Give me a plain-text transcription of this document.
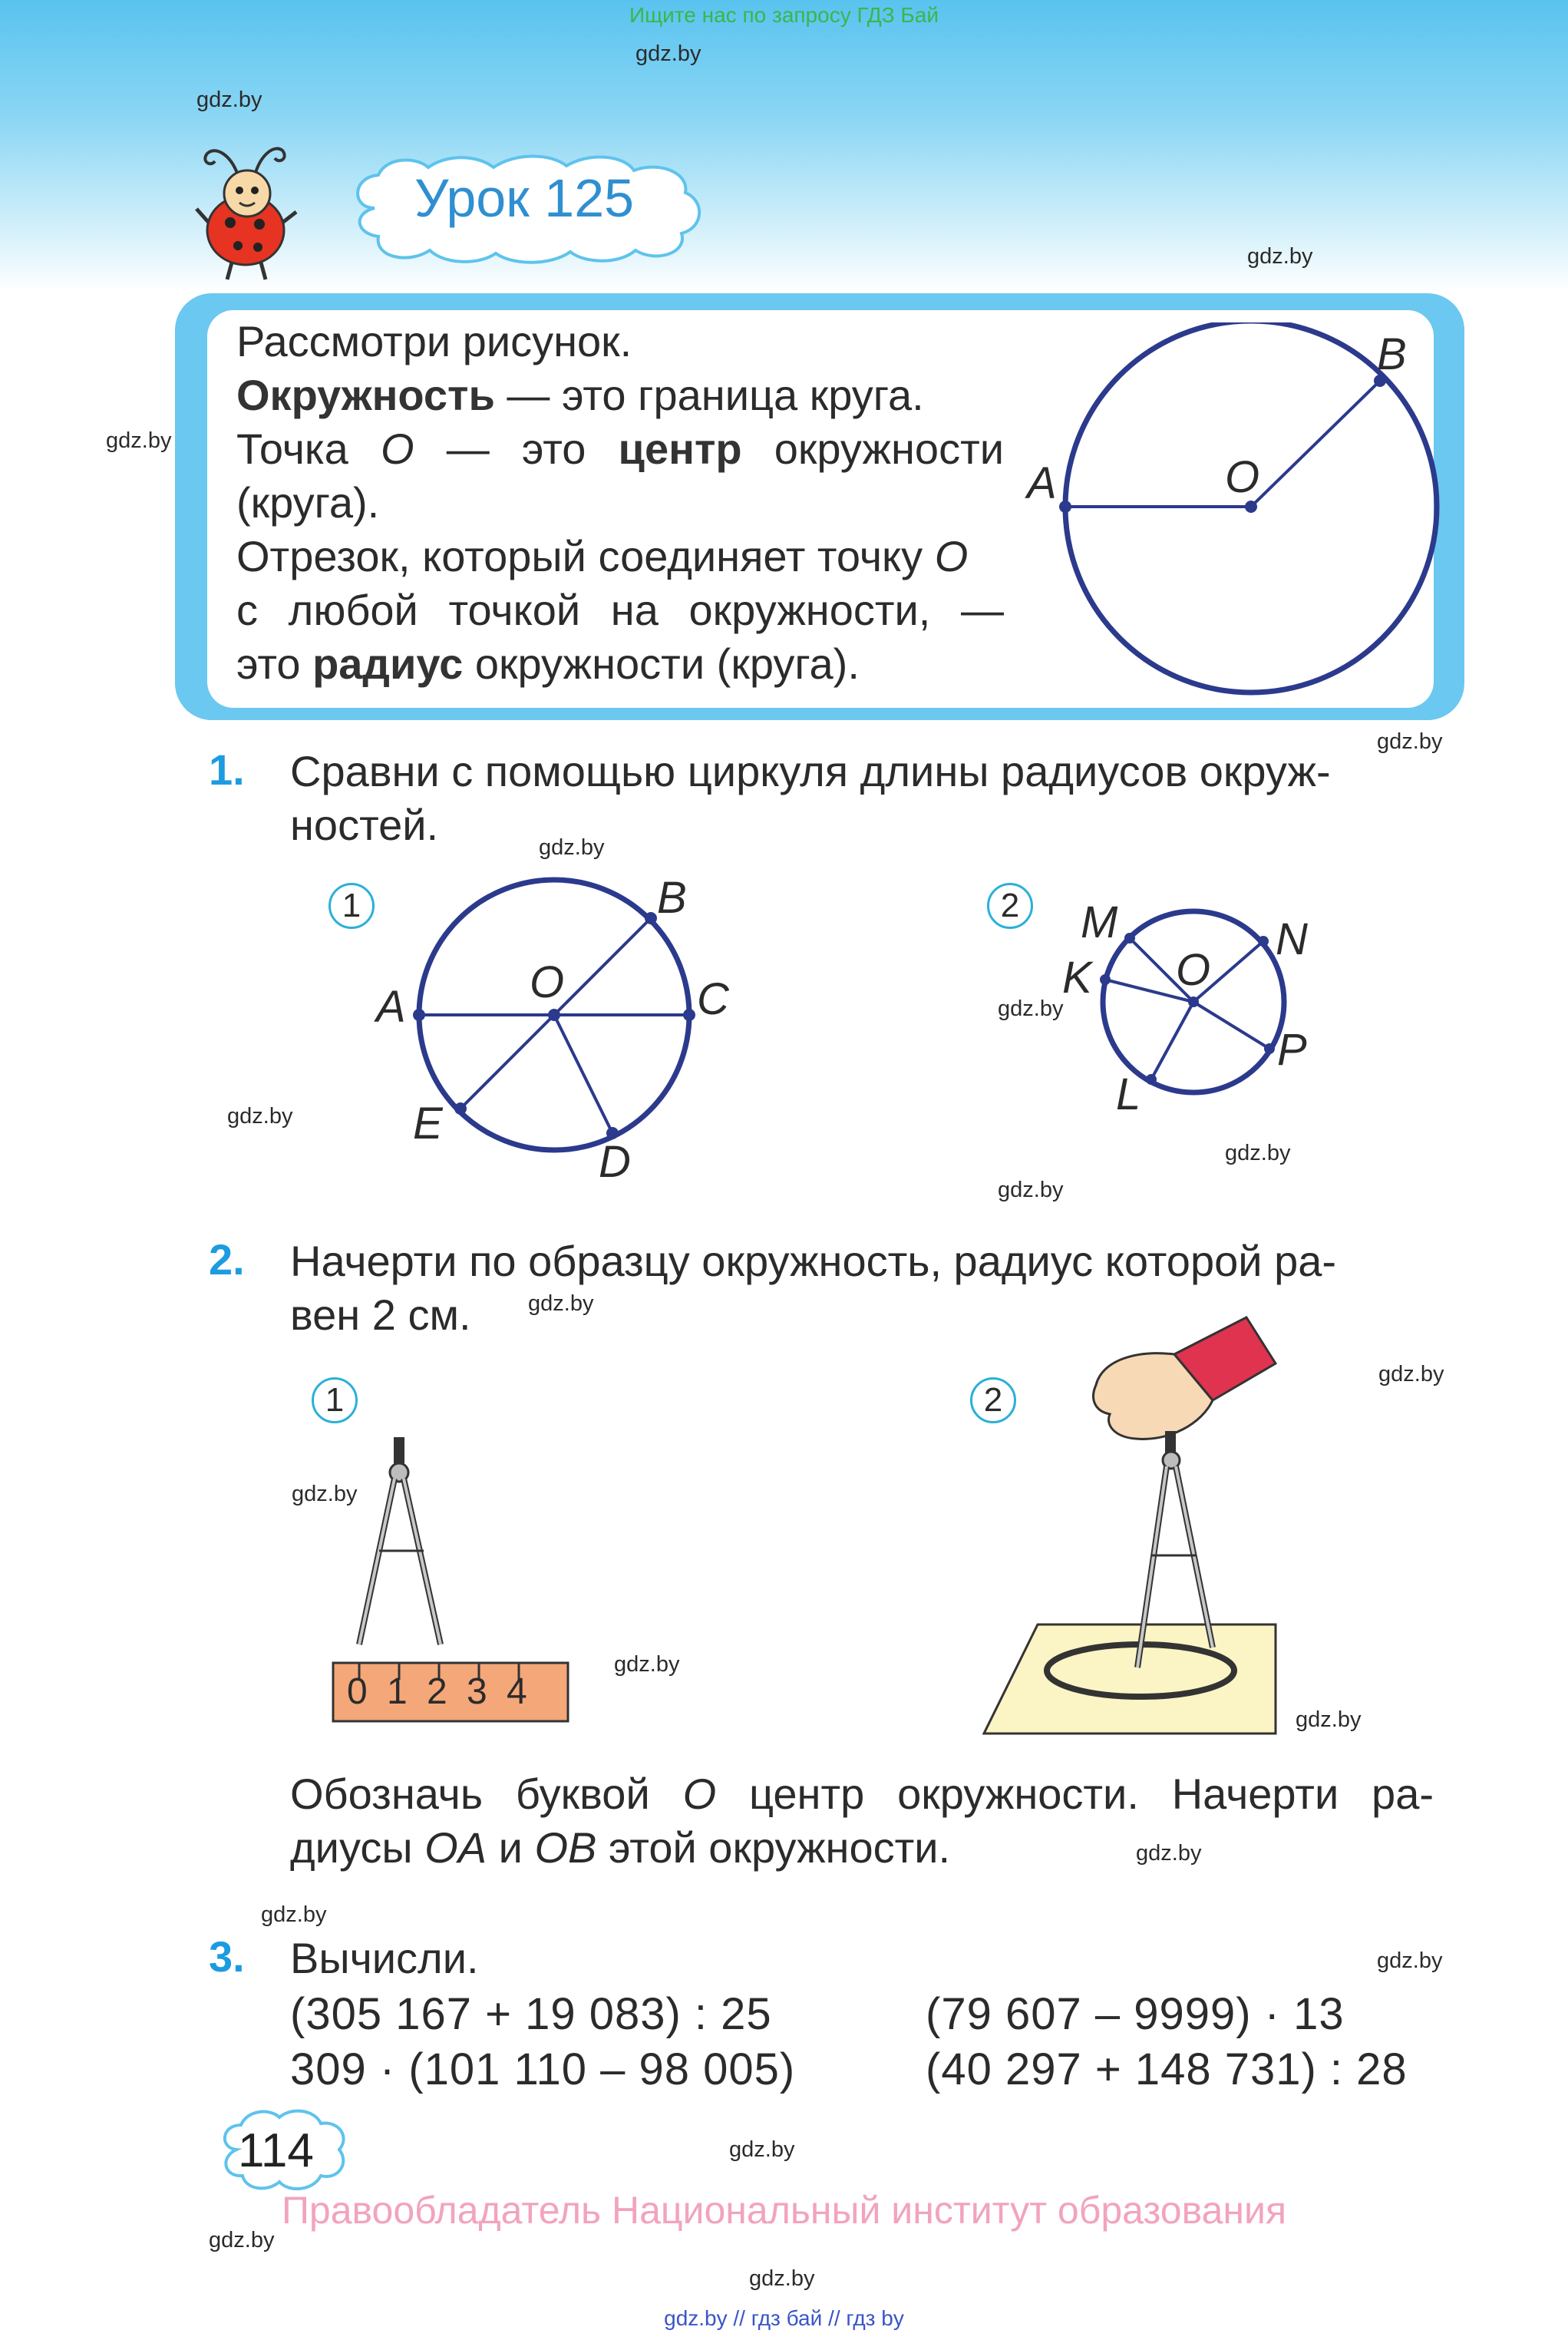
Ищите нас по запросу ГДЗ Бай
gdz.by
gdz.by
gdz.by
gdz.by
gdz.by
gdz.by
gdz.by
gdz.by
gdz.by
gdz.by
gdz.by
gdz.by
gdz.by
gdz.by
gdz.by
gdz.by
gdz.by
gdz.by
gdz.by
gdz.by
gdz.by
Урок 125
Рассмотри рисунок.
Окружность — это граница круга.
Точка O — это центр окружности
(круга).
Отрезок, который соединяет точку O
с любой точкой на окружности, —
это радиус окружности (круга).
A	O
B
1. Сравни с помощью циркуля длины радиусов окруж-
ностей.
1
A	O
B
C
E
D
2	M	N
K O
P
L
2. Начерти по образцу окружность, радиус которой ра-
вен 2 см.
1
0 1 2 3 4
2
Обозначь буквой O центр окружности. Начерти ра-
диусы OA и OB этой окружности.
3. Вычисли.
(305 167 + 19 083) : 25	(79 607 – 9999) · 13
309 · (101 110 – 98 005)	(40 297 + 148 731) : 28
114
Правообладатель Национальный институт образования
gdz.by // гдз бай // гдз by
